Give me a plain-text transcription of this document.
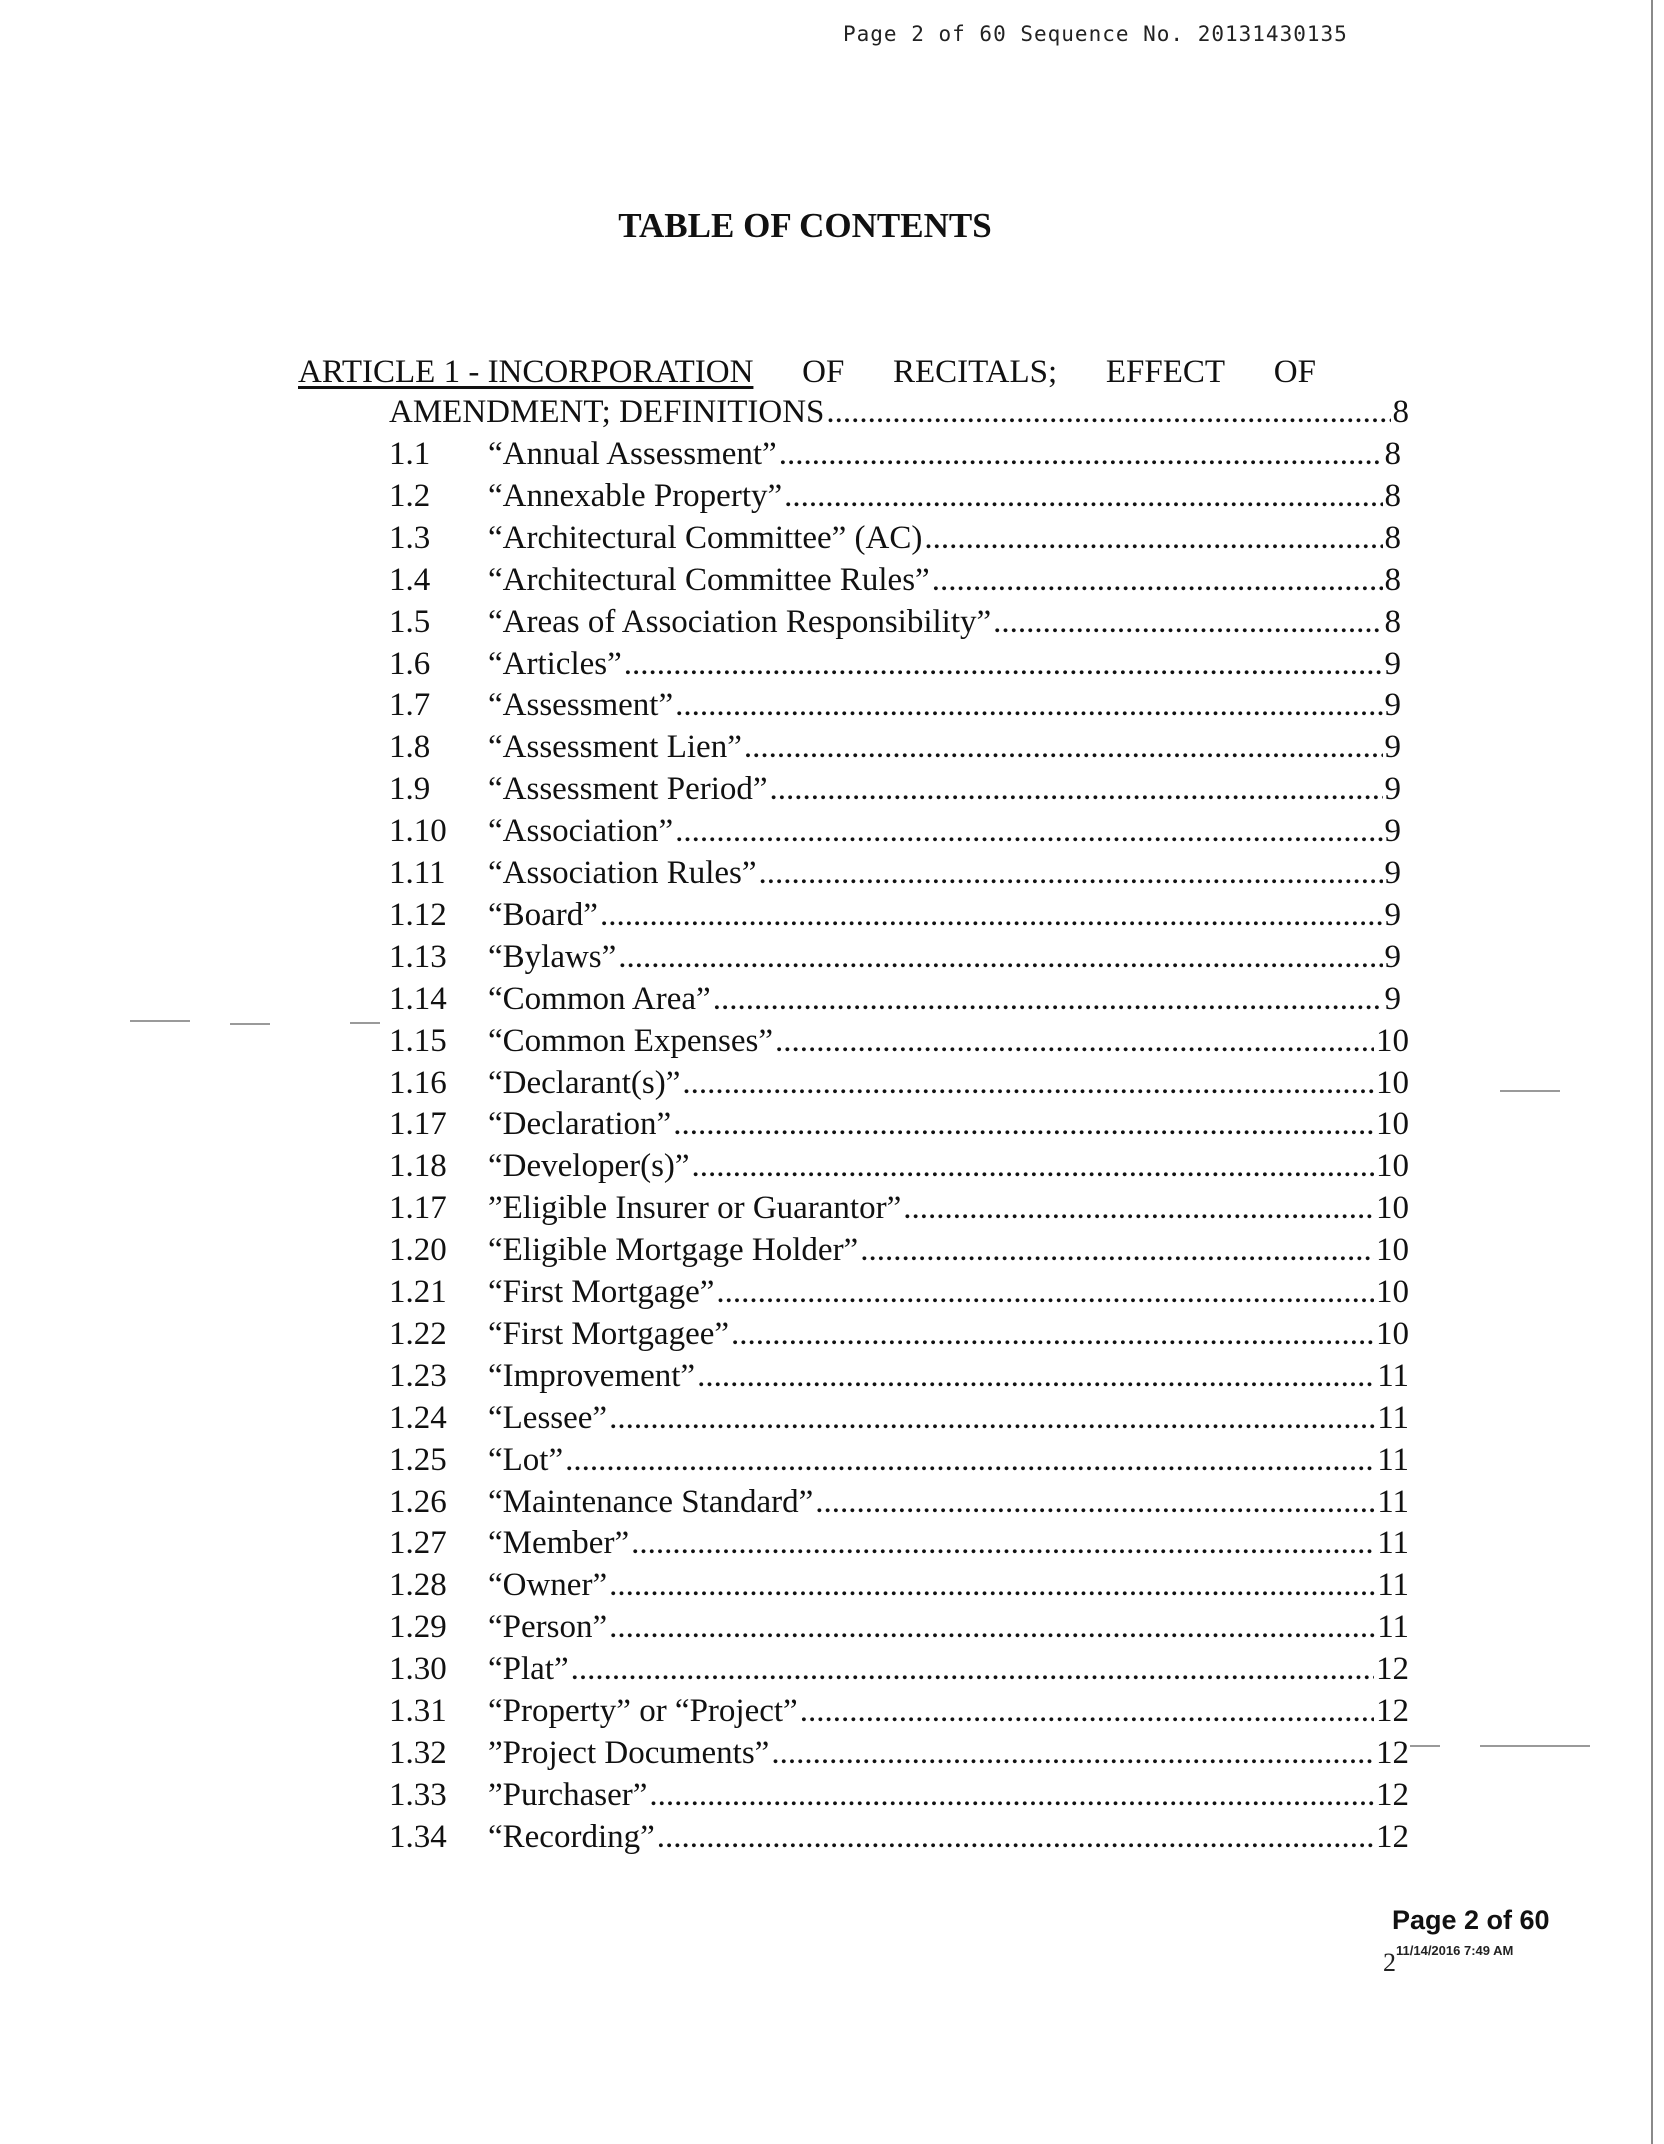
Page 2 of 60 Sequence No. 20131430135
TABLE OF CONTENTS
ARTICLE 1 - INCORPORATION OF RECITALS; EFFECT OF
AMENDMENT; DEFINITIONS .....	8
1.1	“Annual Assessment” .....	8
1.2	“Annexable Property” .....	8
1.3	“Architectural Committee” (AC) .....	8
1.4	“Architectural Committee Rules” .....	8
1.5	“Areas of Association Responsibility” .....	8
1.6	“Articles” .....	9
1.7	“Assessment” .....	9
1.8	“Assessment Lien” .....	9
1.9	“Assessment Period” .....	9
1.10	“Association” .....	9
1.11	“Association Rules” .....	9
1.12	“Board” .....	9
1.13	“Bylaws” .....	9
1.14	“Common Area” .....	9
1.15	“Common Expenses” .....	10
1.16	“Declarant(s)” .....	10
1.17	“Declaration” .....	10
1.18	“Developer(s)” .....	10
1.17	”Eligible Insurer or Guarantor” .....	10
1.20	“Eligible Mortgage Holder” .....	10
1.21	“First Mortgage” .....	10
1.22	“First Mortgagee” .....	10
1.23	“Improvement” .....	11
1.24	“Lessee” .....	11
1.25	“Lot” .....	11
1.26	“Maintenance Standard” .....	11
1.27	“Member” .....	11
1.28	“Owner” .....	11
1.29	“Person” .....	11
1.30	“Plat” .....	12
1.31	“Property” or “Project” .....	12
1.32	”Project Documents” .....	12
1.33	”Purchaser” .....	12
1.34	“Recording” .....	12
Page 2 of 60
2 11/14/2016 7:49 AM
